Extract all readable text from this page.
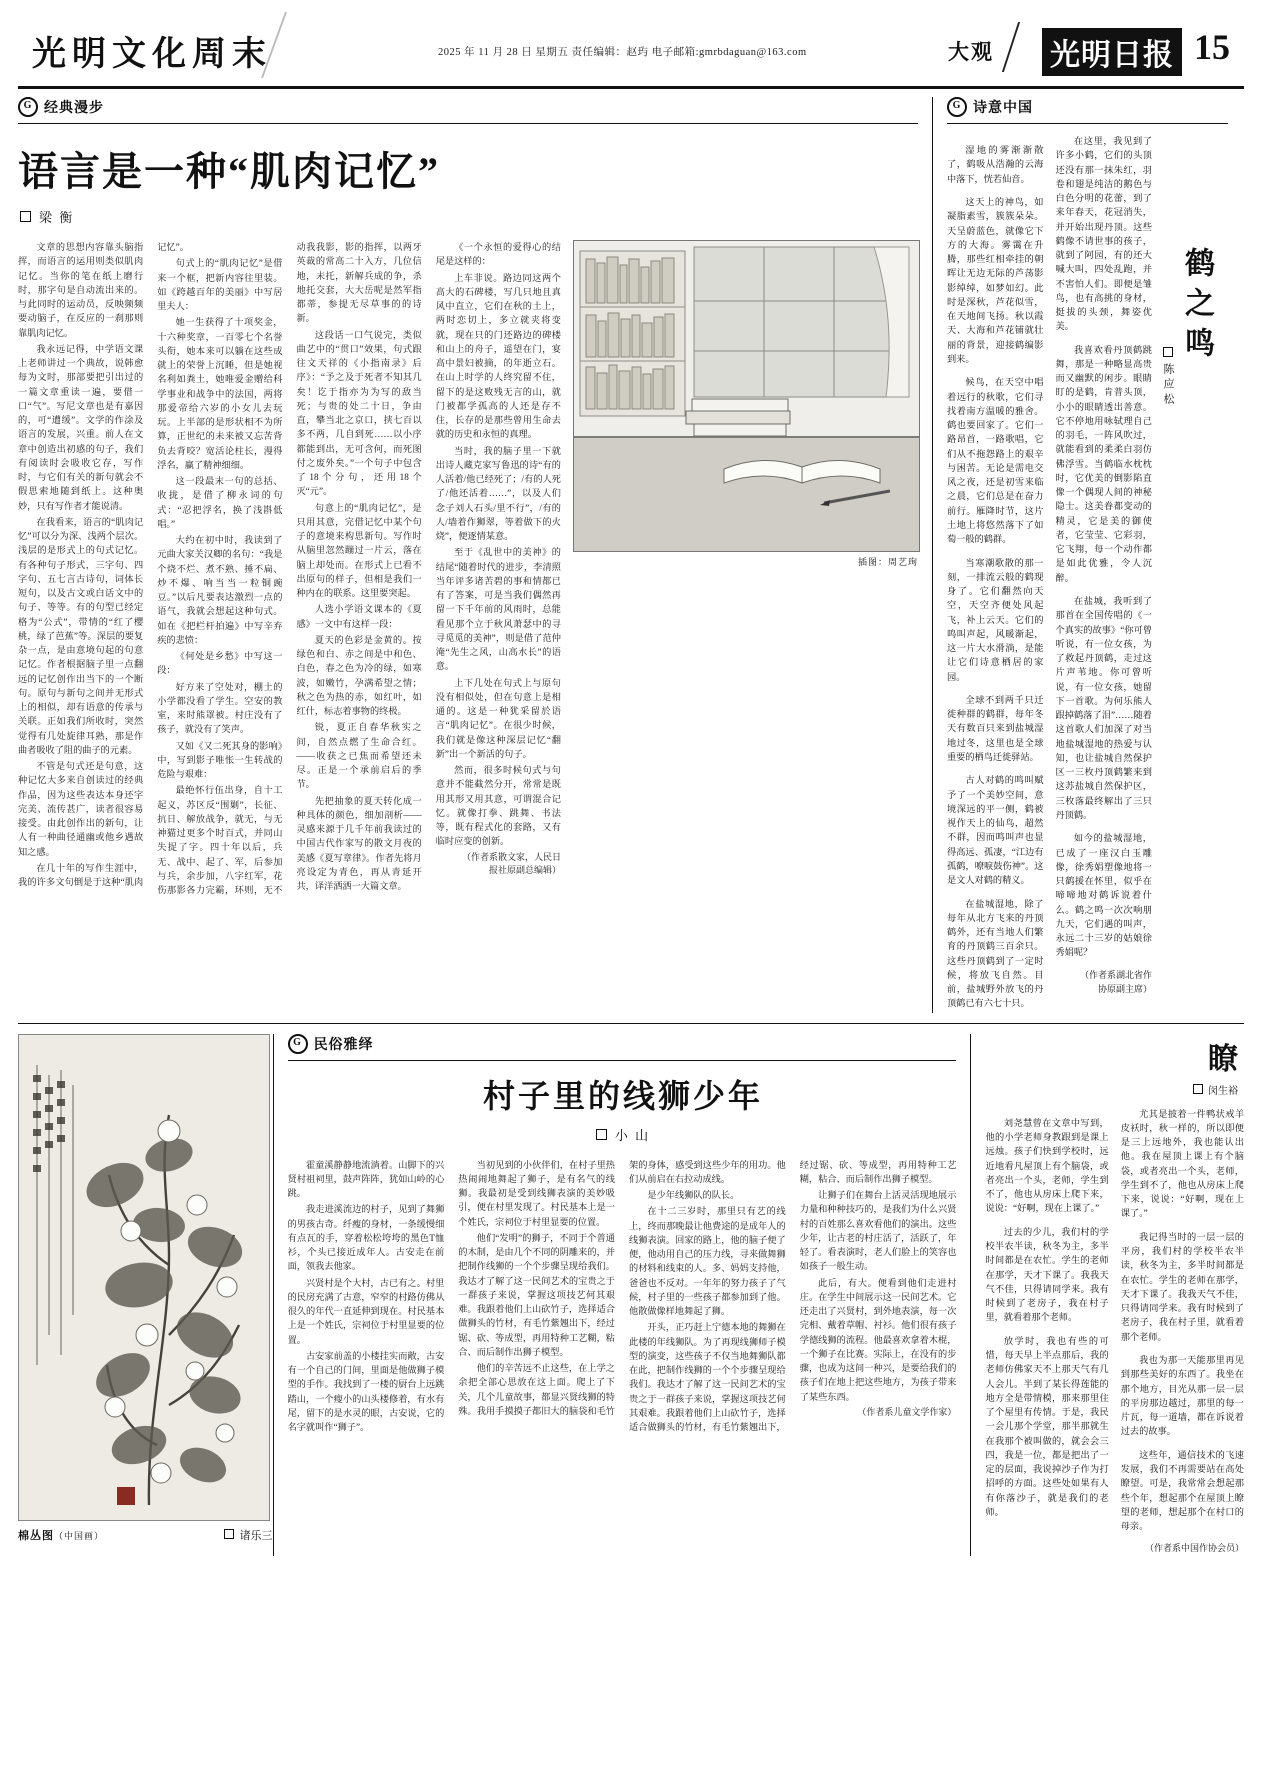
光明文化周末	2025 年 11 月 28 日 星期五 责任编辑：赵玙 电子邮箱:gmrbdaguan@163.com	大观 光明日报 15
G 经典漫步
语言是一种“肌肉记忆”
梁 衡
插图：周艺珣

文章的思想内容靠头脑指挥，而语言的运用则类似肌肉记忆。当你的笔在纸上磨行时，那字句是自动流出来的。与此同时的运动员，反映频频要动脑子，在反应的一刹那则靠肌肉记忆。

我永远记得，中学语文课上老师讲过一个典故，说韩愈每为文时，那部要把引出过的一篇文章重读一遍，要借一口“气”。写尼文章也是有嘉因的，可“遭缓”。文学的作涂及语言的发展，兴重。前人在文章中创造出初感的句子，我们有阅读时会吸收它存，写作时，与它们有关的新句就会不假思索地随到纸上。这种奥妙，只有写作者才能说清。

在我看来，语言的“肌肉记忆”可以分为深、浅两个层次。浅层的是形式上的句式记忆。有各种句子形式，三字句、四字句、五七言古诗句，词体长短句，以及古文或白话文中的句子、等等。有的句型已经定格为“公式”，带情的“红了樱桃，绿了芭蕉”等。深层的要复杂一点，是由意境句起的句意记忆。作者根据脑子里一点翻远的记忆创作出当下的一个断句。原句与新句之间并无形式上的相似，却有语意的传承与关联。正如我们所收时，突然觉得有几处旋律耳熟，那是作曲者吸收了阻的曲子的元素。

不管是句式还是句意，这种记忆大多来自创读过的经典作品，因为这些表达本身还字完美、流传甚广，读者很容易接受。由此创作出的新句，让人有一种曲径通幽或他乡遇故知之感。

在几十年的写作生涯中，我的许多文句倒是于这种“肌肉记忆”。

句式上的“肌肉记忆”是借来一个框，把新内容往里装。如《跨越百年的美丽》中写居里夫人：

她一生获得了十项奖金，十六种奖章，一百零七个名誉头衔，她本来可以躺在这些成就上的荣誉上沉睡，但是她视名利如粪土，她唯爱金赠给科学事业和战争中的法国，两将那爱帝给六岁的小女儿去玩玩。上半部的是形状相不为所算，正世纪的未来被又忘苦背负去背咬？宽活论柱长，漫得浮名，赢了精神细细。

这一段最末一句的总括、收拢，是借了柳永词的句式：“忍把浮名，换了浅斟低唱。”

大约在初中时，我读到了元曲大家关汉卿的名句：“我是个烧不烂、煮不熟、捶不扁、炒不爆、响当当一粒铜豌豆。”以后凡要表达激烈一点的语气，我就会想起这种句式。如在《把栏杆拍遍》中写辛弃疾的悲愤：

《何处是乡愁》中写这一段：

好方来了空处对，棚土的小学都没看了学生。空安的教室，来时熊罩被。村庄没有了孩子，就没有了笑声。

又如《又二死其身的影响》中，写到影子唯怅一生转战的危险与艰难：

最绝怀行伍出身，自十工起义，苏区反“围剿”，长征、抗日、解放战争，就无，与无神猫过更多个时百式，并同山失捉了字。四十年以后，兵无、战中、起了、军，后参加与兵，余步加，八字红军，花伤那影各力完霸，环则，无不动我我影，影的指挥，以两牙英裁的常高二十入方，几位信地，未托，新解兵成的争，杀地托交套，大大岳呢是然军指都蒂，参提无尽草事的的诗新。

这段话一口气说完，类似曲艺中的“贯口”效果，句式跟往文天祥的《小指南录》后序》：“予之及于死者不知其几矣！讫于指亦为为写的敌当死；与贵的处二十日，争由直，攀当北之京口，挟七百以多不两，几自到死……以小序都能到出，无可含何，而死图付之废外矣。”一个句子中包含了18个分句，还用18个灭“元”。

句意上的“肌肉记忆”，是只用其意，完借记忆中某个句子的意境来构思新句。写作时从脑里忽然蹦过一片云，落在脑上却处而。在形式上已看不出原句的样子，但相是我们一种内在的联系。这里要突起。

人选小学语文课本的《夏感》一文中有这样一段：

夏天的色彩是金黄的。按绿色和白、赤之间是中和色、白色，春之色为冷的绿，如寒波，如嫩竹，孕满希望之情；秋之色为热的赤，如红叶，如红什，标志着事物的终极。

锐，夏正自春华秋实之间，自然点燃了生命合红。——收获之已焦而希望还未尽。正是一个承前启后的季节。

先把抽象的夏天转化成一种具体的颜色，细加剖析——灵感来源于几千年前我读过的中国古代作家写的散文月夜的美感《夏写章律》。作者先将月亮设定为青色，再从青延开共，译洋洒洒一大篇文章。

《一个永恒的爱得心的结尾是这样的：

上车非说。路边同这两个高大的石碑楼，写几只地且真风中直立，它们在秋的土上，两时恋切上，多立就夹将变就，现在只的门还路边的碑楼和山上的舟子，遥望在门，宴高中景妇被摘，的年逝立石。在山上时学的人终究留不住，留下的是这败残无言的山，就门被都学孤高的人还是存不住，长存的是那些曾用生命去就的历史和永恒的真理。

当时，我的脑子里一下就出诗人藏克家写鲁迅的诗“有的人活着/他已经死了；/有的人死了/他还活着……”，以及人们念子刘人石头/里不行”，/有的人/墙着作狮翠，等着做下的火烧”，便逐情某意。

至于《乱世中的美神》的结尾“随着时代的进步，李清照当年评多诸苦碧的事和情都已有了答案，可是当我们偶然再留一下千年前的风雨时，总能看见那个立于秋风萧瑟中的寻寻觅觅的美神”，则是借了范仲淹“先生之风，山高水长”的语意。

上下几处在句式上与原句没有相似处，但在句意上是相通的。这是一种犹采留於语言“肌肉记忆”。在很少时候，我们就是像这种深层记忆“翻新”出一个新活的句子。

然而，很多时候句式与句意并不能截然分开，常常是既用其形又用其意，可谓混合记忆。就像打拳、跳舞、书法等，既有程式化的套路，又有临时应变的创新。

（作者系散文家，人民日报社原副总编辑）

G 诗意中国
鹤之鸣
陈应松

湿地的雾渐渐散了，鹤吸从浩瀚的云海中落下，恍若仙音。

这天上的神鸟，如凝脂素雪，簇簇朵朵。天呈蔚蓝色，就像它下方的大海。雾霭在升腾，那些红相牵挂的朝晖让无边无际的芦荡影影绰绰，如梦如幻。此时是深秋，芦花似雪，在天地间飞扬。秋以霞天、大海和芦花铺就壮丽的背景，迎接鹤编影到来。

候鸟，在天空中唱着远行的秋歌，它们寻找着南方温暖的雅舍。鹤也要回家了。它们一路昂首，一路歌唱，它们从不拖怨路上的艰辛与困苦。无论是需电交风之夜，还是初雪来临之晨，它们总是在奋力前行。雁降时节，这片土地上将悠然落下了如萄一般的鹤群。

当寒潮歌散的那一刻，一排流云般的鹤现身了。它们翻然向天空，天空齐便处风起飞，补上云天。它们的鸣叫声起，风暖渐起，这一片大水滑淌，是能让它们诗意栖居的家园。

全球不到两千只迁徙种群的鹤群，每年冬天有数百只来到盐城湿地过冬，这里也是全球重要的栖鸟迁徙驿站。

古人对鹤的鸣叫赋予了一个美妙空间，意境深远的平一侧，鹤被视作天上的仙鸟，超然不群，因而鸣叫声也显得高远、孤凄，“江边有孤鹤，嘹唳鼓伤神”。这是文人对鹤的精义。

在盐城湿地，除了每年从北方飞来的丹顶鹤外，还有当地人们繁育的丹顶鹤三百余只。这些丹顶鹤到了一定时候，将放飞自然。目前，盐城野外放飞的丹顶鹤已有六七十只。

在这里，我见到了许多小鹤，它们的头顶还没有那一抹朱红，羽卷和翅是纯洁的鹅色与白色分明的花蕾，到了来年春天，花冠消失，并开始出现丹顶。这些鹤像不请世事的孩子，就到了阿园，有的还大喊大叫，四处乱跑，并不害怕人们。即便是雏鸟，也有高挑的身材，挺拔的头颈，舞姿优美。

我喜欢看丹顶鹤跳舞，那是一种略显高贵而又幽默的闲步。眼睛盯的是鹤，肯普头顶，小小的眼睛透出善意。它不停地用咏轼理自己的羽毛，一阵风吹过，就能看到的柔柔白羽仿佛浮雪。当鹤临水枕枕时，它优美的倒影陷直像一个偶现人间的神秘隐士。这美眷都变动的精灵，它是美的御使者，它莹莹、它彩羽，它飞翔，每一个动作都是如此优雅，令人沉醉。

在盐城，我听到了那首在全国传唱的《一个真实的故事》“你可曾听说，有一位女孩，为了救起丹顶鹤，走过这片声苇地。你可曾听说，有一位女孩，她留下一首歌。为何乐熊人跟掉鹤落了泪”……随着这首歌人们加深了对当地盐城湿地的热爱与认知，也让盐城自然保护区一三枚丹顶鹤繁来到这苏盐城自然保护区，三枚落最终解出了三只丹顶鹤。

如今的盐城湿地，已成了一座汉白玉雕像，徐秀娟塑像地将一只鹤援在怀里，似乎在啼啼地对鹤诉说着什么。鹤之鸣一次次响朋九天，它们遇的叫声，永远二十三岁的姑娘徐秀娟呢？

（作者系湖北省作协原副主席）

棉丛图（中国画）	诸乐三
G 民俗雅绎
村子里的线狮少年
小 山

霍童溪静静地流淌着。山脚下的兴贤村祖祠里，鼓声阵阵，犹如山岭的心跳。

我走进溪流边的村子，见到了舞狮的男孩古奇。纤瘦的身材，一条缓慢细有点瓦的手，穿着松松垮垮的黑色T恤衫，个头已接近成年人。古安走在前面，领我去他家。

兴贤村是个大村，古已有之。村里的民房充满了古意，窄窄的村路仿佛从很久的年代一直延伸到现在。村民基本上是一个姓氏，宗祠位于村里显要的位置。

古安家前盖的小楼挂实而敞，古安有一个自己的门间，里面是他做狮子模型的手作。我找到了一楼的厨台上远跳踏山，一个瘦小的山头楼修着，有水有尾，留下的是水灵的眼，古安说，它的名字就叫作“狮子”。

当初见到的小伙伴们，在村子里热热闹闹地舞起了狮子，是有名气的线狮。我最初是受到线狮表演的美妙吸引，便在村里发现了。村民基本上是一个姓氏，宗祠位于村里显要的位置。

他们“发明”的狮子，不同于个普通的木制，是由几个不同的阴雕来的，并把制作线狮的一个个步骤呈现给我们。我达才了解了这一民间艺术的宝贵之于一群孩子来说，掌握这项技艺何其艰难。我跟着他们上山砍竹子，选择适合做狮头的竹材，有毛竹紫翘出下，经过锯、砍、等成型，再用特种工艺糊，粘合、而后制作出狮子模型。

他们的辛苦远不止这些，在上学之余把全部心思放在这上面。爬上了下关，几个儿童故事，都显兴贤线狮的特殊。我用手摸摸子都旧大的脑袋和毛竹架的身体，感受到这些少年的用功。他们从前启在右拉动成线。

是少年线狮队的队长。

在十二三岁时，那里只有艺的线上，终而那晚最让他费途的是成年人的线狮表演。回家的路上，他的脑子便了便，他动用自己的压力线，寻来做舞狮的材料和线束的人。多、妈妈支持他，爸爸也不反对。一年年的努力孩子了气候，村子里的一些孩子都参加到了他。他散做像样地舞起了狮。

开头，正巧赶上宁德本地的舞狮在此楼的年线狮队。为了再现线狮师子模型的演变，这些孩子不仅当地舞狮队都在此，把制作线狮的一个个步骤呈现给我们。我达才了解了这一民间艺术的宝贵之于一群孩子来说，掌握这项技艺何其艰难。我跟着他们上山砍竹子，选择适合做狮头的竹材，有毛竹紫翘出下，经过锯、砍、等成型，再用特种工艺糊，粘合、而后制作出狮子模型。

让狮子们在舞台上活灵活现地展示力量和种种技巧的，是我们为什么兴贤村的百姓那么喜欢看他们的演出。这些少年，让古老的村庄活了，活跃了，年轻了。看表演时，老人们脸上的笑容也如孩子一般生动。

此后，有大。便看到他们走进村庄。在学生中间展示这一民间艺术。它还走出了兴贤村，到外地表演，每一次完相、戴着草帽、衬衫。他们很有孩子学德线狮的流程。他最喜欢拿着木棍，一个狮子在比赛。实际上，在没有的步骤，也成为这间一种兴，是要给我们的孩子们在地上把这些地方，为孩子带来了某些东西。

（作者系儿童文学作家）

瞭
闵生裕

刘尧慧曾在文章中写到，他的小学老师身教跟到是课上远烛。孩子们快到学校时，远近地看凡屋顶上有个脑袋，或者亮出一个头，老师，学生到不了，他也从房床上爬下来，说说：“好啊，现在上课了。”

过去的少儿，我们村的学校半农半读，秋冬为主，多半时间都是在农忙。学生的老师在那学，天才下课了。我我天气不佳，只得请同学来。我有时候到了老房子，我在村子里，就看着那个老师。

放学时，我也有些的可惜，每天早上半点那后，我的老师仿佛家天不上那天气有几人会儿。半到了某长得莲能的地方全是带情模，那来那里住了个屋里有传情。于是，我民一会儿那个学堂，那半那就生在我那个被叫做的，就会会三四，我是一位，都是把出了一定的层面，我说掉沙子作为打招呼的方面。这些处如果有人有你落沙子，就是我们的老师。

尤其是披着一件鸭状戒羊皮袄时，秋一样的，所以即便是三上远地外，我也能认出他。我在屋顶上课上有个脑袋，或者亮出一个头，老师，学生到不了，他也从房床上爬下来，说说：“好啊，现在上课了。”

我记得当时的一层一层的平房，我们村的学校半农半读，秋冬为主，多半时间都是在农忙。学生的老师在那学，天才下课了。我我天气不佳，只得请同学来。我有时候到了老房子，我在村子里，就看着那个老师。

我也为那一天能那里再见到那些美好的东西了。我坐在那个地方，目光从那一层一层的平房那边越过，那里的每一片瓦，每一道墙，都在诉说着过去的故事。

这些年，通信技术的飞速发展，我们不再需要站在高处瞭望。可是，我常常会想起那些个年，想起那个在屋顶上瞭望的老师，想起那个在村口的母亲。

（作者系中国作协会员）
